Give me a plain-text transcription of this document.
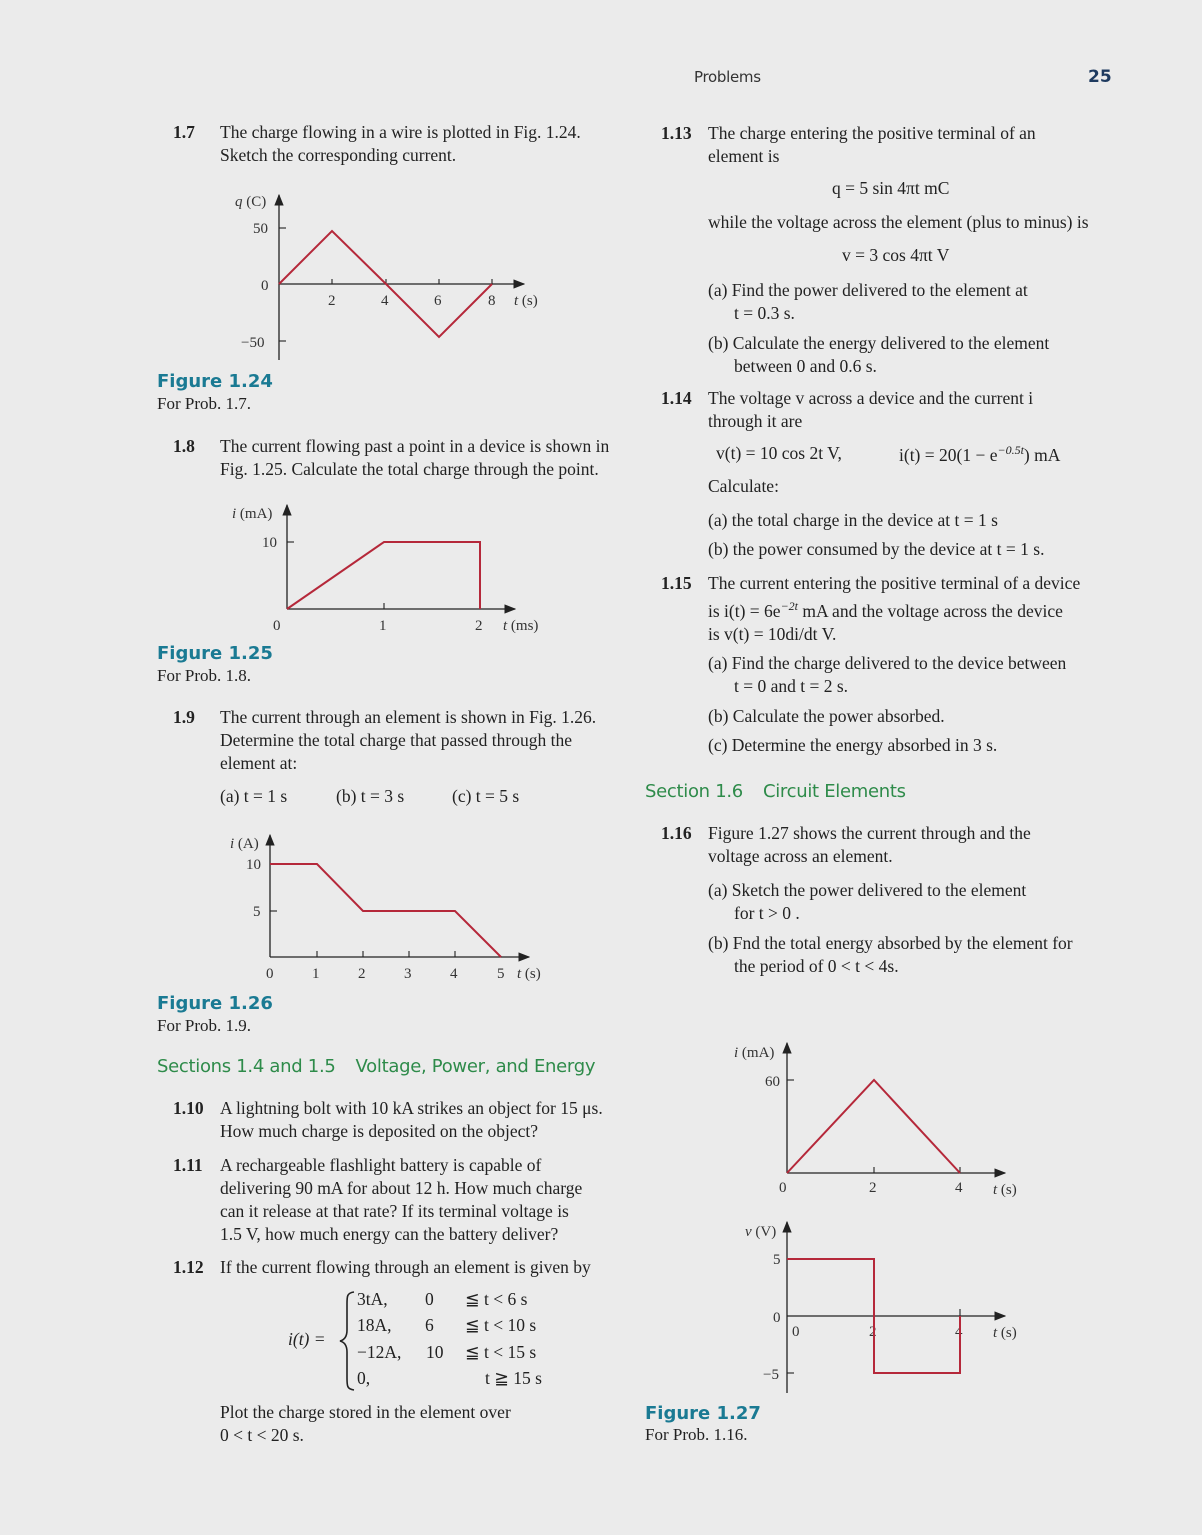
Problems	25
1.7 The charge flowing in a wire is plotted in Fig. 1.24.
Sketch the corresponding current.
q (C)
50
0
−50
2	4	6	8 t (s)
Figure 1.24
For Prob. 1.7.
1.8 The current flowing past a point in a device is shown in
Fig. 1.25. Calculate the total charge through the point.
i (mA)
10
0	1	2 t (ms)
Figure 1.25
For Prob. 1.8.
1.9 The current through an element is shown in Fig. 1.26.
Determine the total charge that passed through the
element at:
(a) t = 1 s	(b) t = 3 s	(c) t = 5 s
i (A)
10
5
0	1	2	3	4	5 t (s)
Figure 1.26
For Prob. 1.9.
Sections 1.4 and 1.5 Voltage, Power, and Energy
1.10 A lightning bolt with 10 kA strikes an object for 15 μs.
How much charge is deposited on the object?
1.11 A rechargeable flashlight battery is capable of
delivering 90 mA for about 12 h. How much charge
can it release at that rate? If its terminal voltage is
1.5 V, how much energy can the battery deliver?
1.12 If the current flowing through an element is given by
i(t) =
3tA, 0 ≦ t < 6 s
18A, 6 ≦ t < 10 s
−12A, 10 ≦ t < 15 s
0,	t ≧ 15 s
Plot the charge stored in the element over
0 < t < 20 s.
1.13 The charge entering the positive terminal of an
element is
q = 5 sin 4πt mC
while the voltage across the element (plus to minus) is
v = 3 cos 4πt V
(a) Find the power delivered to the element at
t = 0.3 s.
(b) Calculate the energy delivered to the element
between 0 and 0.6 s.
1.14 The voltage v across a device and the current i
through it are
v(t) = 10 cos 2t V,	$i(t) = 20(1 - e^{-0.5t})$ mA
Calculate:
(a) the total charge in the device at t = 1 s
(b) the power consumed by the device at t = 1 s.
1.15 The current entering the positive terminal of a device
is $i(t) = 6e^{-2t}$ mA and the voltage across the device
is v(t) = 10di/dt V.
(a) Find the charge delivered to the device between
t = 0 and t = 2 s.
(b) Calculate the power absorbed.
(c) Determine the energy absorbed in 3 s.
Section 1.6 Circuit Elements
1.16 Figure 1.27 shows the current through and the
voltage across an element.
(a) Sketch the power delivered to the element
for t > 0 .
(b) Fnd the total energy absorbed by the element for
the period of 0 < t < 4s.
i (mA)
60
0	2	4 t (s)
v (V)
5
0
−5
0	2	4 t (s)
Figure 1.27
For Prob. 1.16.
